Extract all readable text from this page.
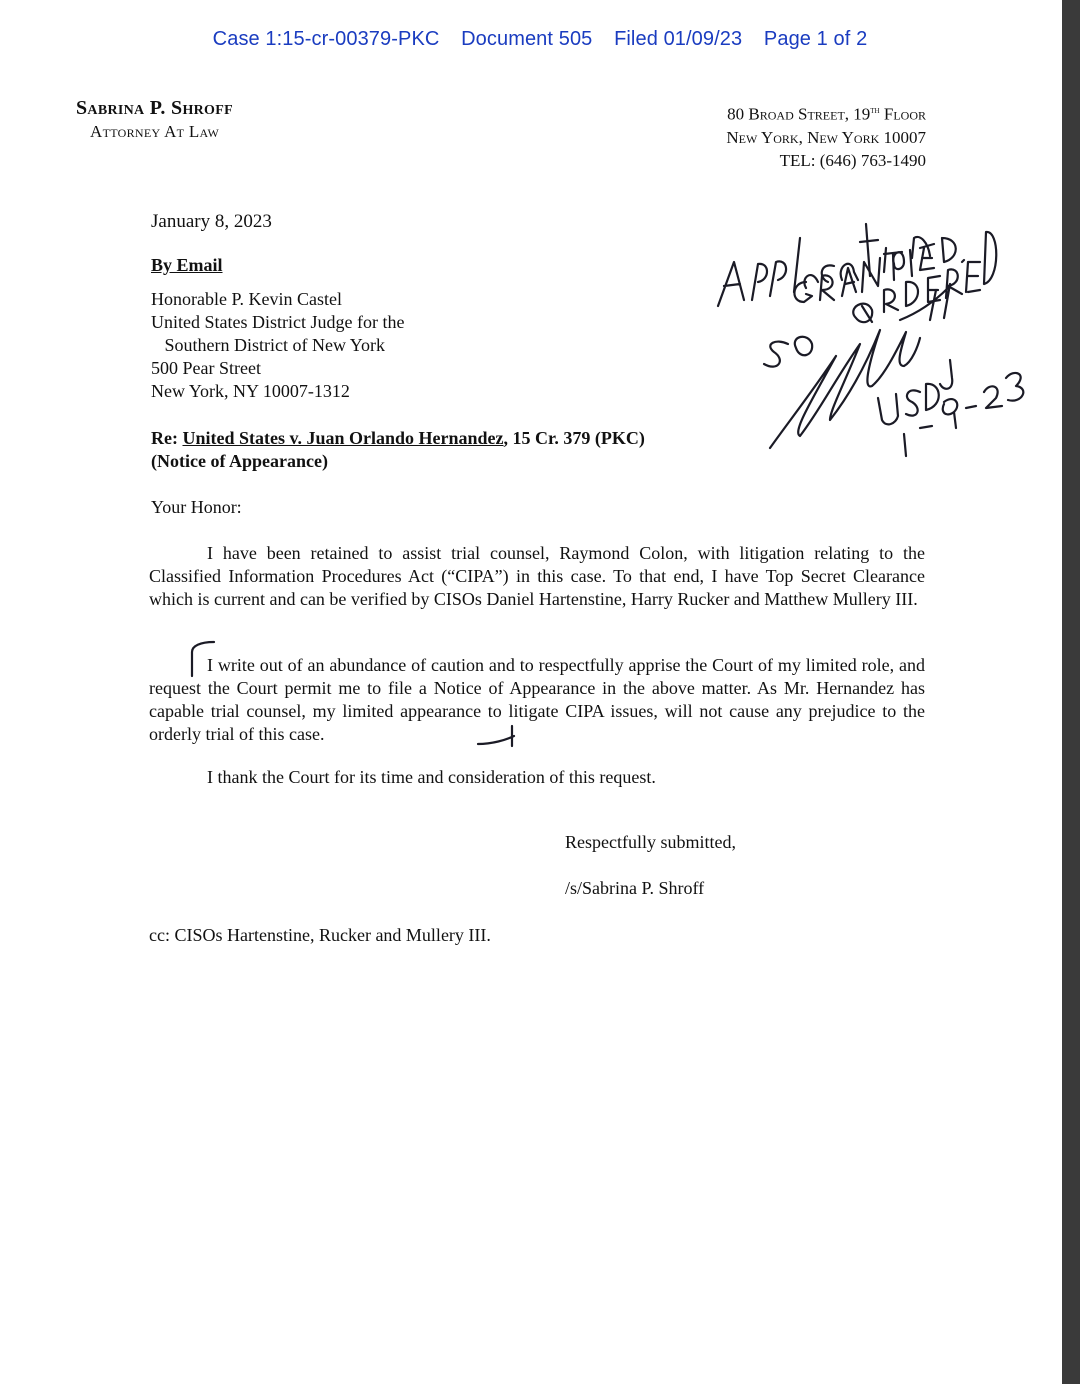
Case 1:15-cr-00379-PKC Document 505 Filed 01/09/23 Page 1 of 2
Sabrina P. Shroff
Attorney At Law
80 Broad Street, 19th Floor
New York, New York 10007
TEL: (646) 763-1490
January 8, 2023
By Email
Honorable P. Kevin Castel
United States District Judge for the
Southern District of New York
500 Pear Street
New York, NY 10007-1312
Re: United States v. Juan Orlando Hernandez, 15 Cr. 379 (PKC)
(Notice of Appearance)
Your Honor:

I have been retained to assist trial counsel, Raymond Colon, with litigation relating to the Classified Information Procedures Act (“CIPA”) in this case. To that end, I have Top Secret Clearance which is current and can be verified by CISOs Daniel Hartenstine, Harry Rucker and Matthew Mullery III.

I write out of an abundance of caution and to respectfully apprise the Court of my limited role, and request the Court permit me to file a Notice of Appearance in the above matter. As Mr. Hernandez has capable trial counsel, my limited appearance to litigate CIPA issues, will not cause any prejudice to the orderly trial of this case.

I thank the Court for its time and consideration of this request.

Respectfully submitted,
/s/Sabrina P. Shroff
cc: CISOs Hartenstine, Rucker and Mullery III.
